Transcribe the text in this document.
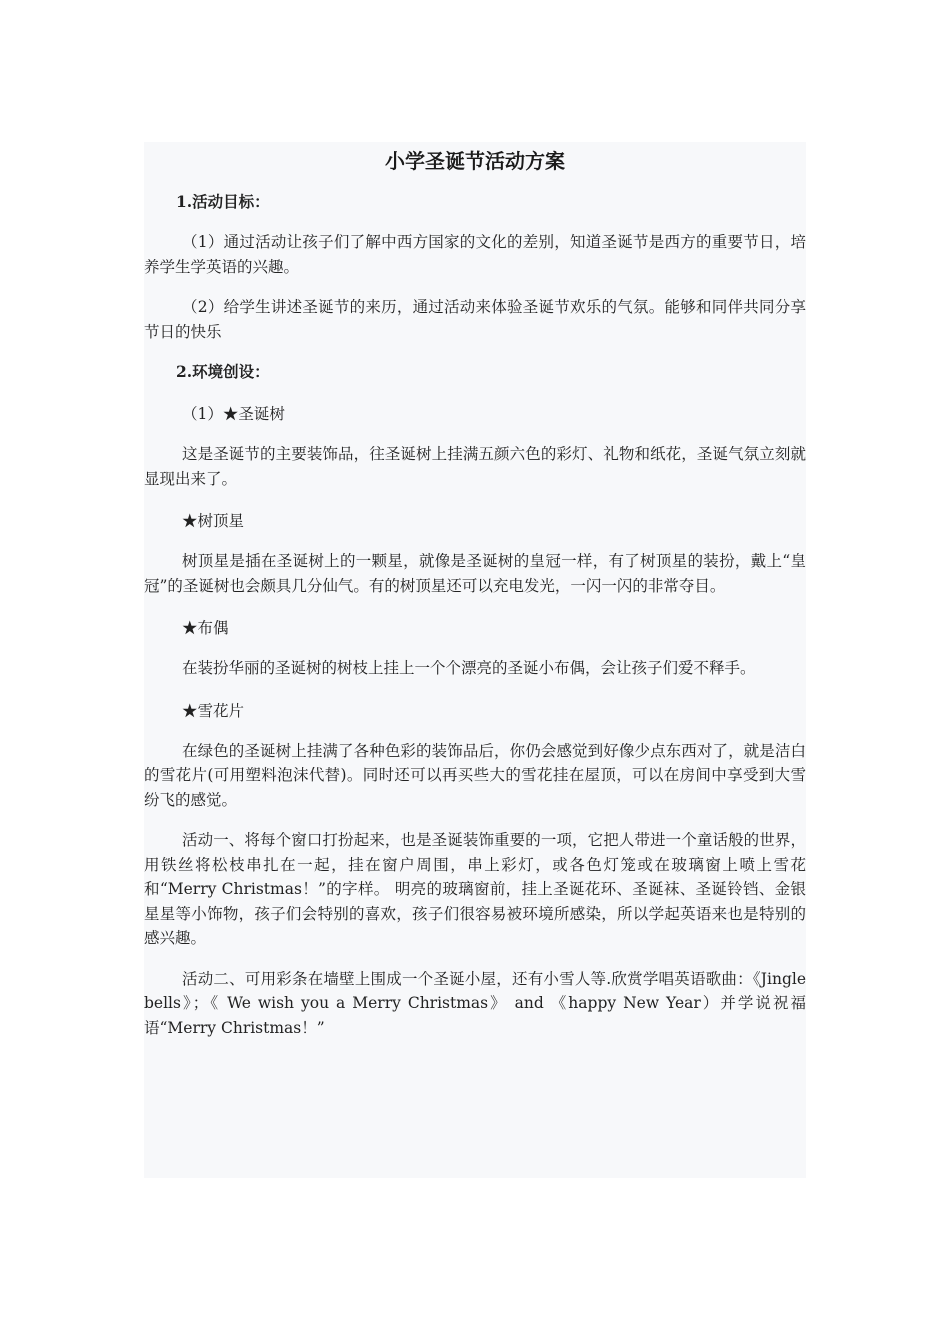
小学圣诞节活动方案
1.活动目标：

（1）通过活动让孩子们了解中西方国家的文化的差别，知道圣诞节是西方的重要节日，培养学生学英语的兴趣。

（2）给学生讲述圣诞节的来历，通过活动来体验圣诞节欢乐的气氛。能够和同伴共同分享节日的快乐

2.环境创设：
（1）★圣诞树

这是圣诞节的主要装饰品，往圣诞树上挂满五颜六色的彩灯、礼物和纸花，圣诞气氛立刻就显现出来了。

★树顶星

树顶星是插在圣诞树上的一颗星，就像是圣诞树的皇冠一样，有了树顶星的装扮，戴上“皇冠”的圣诞树也会颇具几分仙气。有的树顶星还可以充电发光，一闪一闪的非常夺目。

★布偶

在装扮华丽的圣诞树的树枝上挂上一个个漂亮的圣诞小布偶，会让孩子们爱不释手。

★雪花片

在绿色的圣诞树上挂满了各种色彩的装饰品后，你仍会感觉到好像少点东西对了，就是洁白的雪花片(可用塑料泡沫代替)。同时还可以再买些大的雪花挂在屋顶，可以在房间中享受到大雪纷飞的感觉。

活动一、将每个窗口打扮起来，也是圣诞装饰重要的一项，它把人带进一个童话般的世界，用铁丝将松枝串扎在一起，挂在窗户周围，串上彩灯，或各色灯笼或在玻璃窗上喷上雪花和“Merry Christmas！”的字样。 明亮的玻璃窗前，挂上圣诞花环、圣诞袜、圣诞铃铛、金银星星等小饰物，孩子们会特别的喜欢，孩子们很容易被环境所感染，所以学起英语来也是特别的感兴趣。

活动二、可用彩条在墙壁上围成一个圣诞小屋，还有小雪人等.欣赏学唱英语歌曲：《Jingle bells》；《 We wish you a Merry Christmas》 and 《happy New Year）并学说祝福语“Merry Christmas！”
